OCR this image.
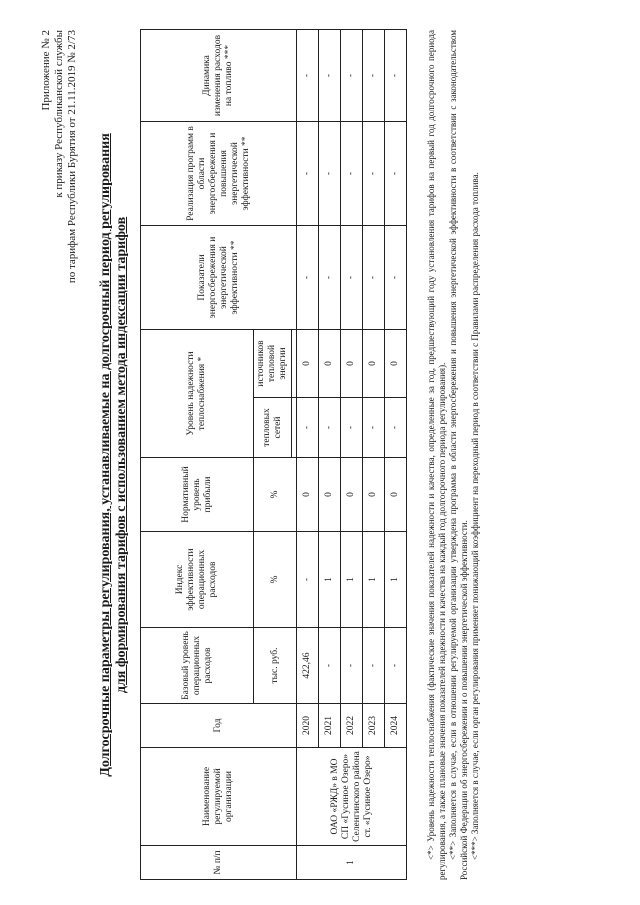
Приложение № 2 к приказу Республиканской службы по тарифам Республики Бурятия от 21.11.2019 № 2/73 Долгосрочные параметры регулирования, устанавливаемые на долгосрочный период регулирования для формирования тарифов с использованием метода индексации тарифов
№ п/п	Наименование регулируемой организации	Год	Базовый уровень операционных расходов	Индекс эффективности операционных расходов	Нормативный уровень прибыли	Уровень надежности теплоснабжения *		Показатели энергосбережения и энергетической эффективности **	Реализация программ в области энергосбережения и повышения энергетической эффективности **	Динамика изменения расходов на топливо ***
			тыс. руб.	%	%	тепловых сетей	источников тепловой энергии			

1	ОАО «РЖД» в МО СП «Гусиное Озеро» Селенгинского района ст. «Гусиное Озеро»	2020	422,46	-	0	-	0	-	-	-
		2021	-	1	0	-	0	-	-	-
		2022	-	1	0	-	0	-	-	-
		2023	-	1	0	-	0	-	-	-
		2024	-	1	0	-	0	-	-	-	<*> Уровень надежности теплоснабжения (фактические значения показателей надежности и качества, определенные за год, предшествующий году установления тарифов на первый год долгосрочного периода регулирования, а также плановые значения показателей надежности и качества на каждый год долгосрочного периода регулирования). <**> Заполняется в случае, если в отношении регулируемой организации утверждена программа в области энергосбережения и повышения энергетической эффективности в соответствии с законодательством Российской Федерации об энергосбережении и о повышении энергетической эффективности. <***> Заполняется в случае, если орган регулирования применяет понижающий коэффициент на переходный период в соответствии с Правилами распределения расхода топлива.
